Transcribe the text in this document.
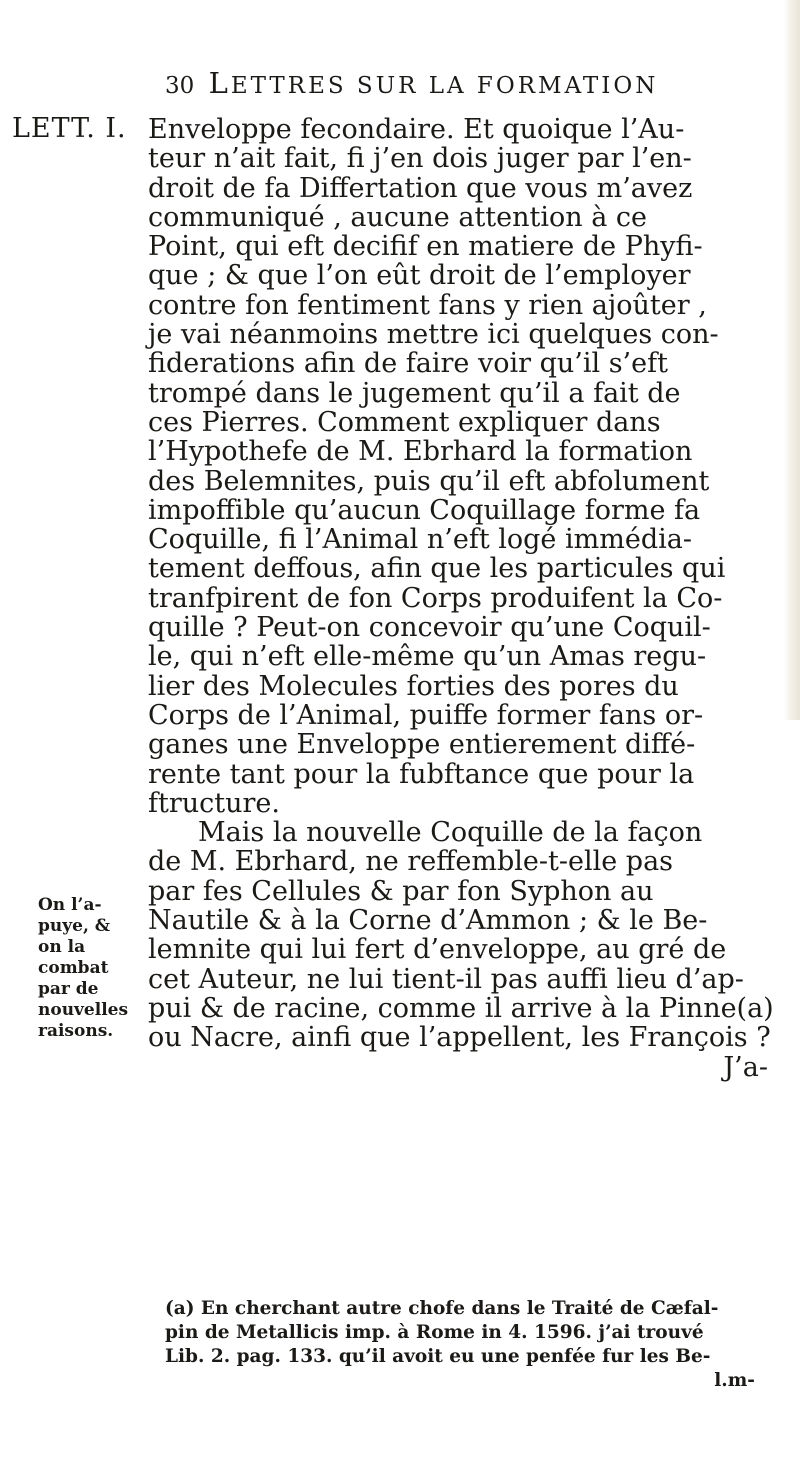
30 LETTRES SUR LA FORMATION
LETT. I.
On l’a-
puye, &
on la
combat
par de
nouvelles
raisons.
Enveloppe fecondaire. Et quoique l’Au-
teur n’ait fait, fi j’en dois juger par l’en-
droit de fa Differtation que vous m’avez
communiqué , aucune attention à ce
Point, qui eft decifif en matiere de Phyfi-
que ; & que l’on eût droit de l’employer
contre fon fentiment fans y rien ajoûter ,
je vai néanmoins mettre ici quelques con-
fiderations afin de faire voir qu’il s’eft
trompé dans le jugement qu’il a fait de
ces Pierres. Comment expliquer dans
l’Hypothefe de M. Ebrhard la formation
des Belemnites, puis qu’il eft abfolument
impoffible qu’aucun Coquillage forme fa
Coquille, fi l’Animal n’eft logé immédia-
tement deffous, afin que les particules qui
tranfpirent de fon Corps produifent la Co-
quille ? Peut-on concevoir qu’une Coquil-
le, qui n’eft elle-même qu’un Amas regu-
lier des Molecules forties des pores du
Corps de l’Animal, puiffe former fans or-
ganes une Enveloppe entierement diffé-
rente tant pour la fubftance que pour la
ftructure.
Mais la nouvelle Coquille de la façon
de M. Ebrhard, ne reffemble-t-elle pas
par fes Cellules & par fon Syphon au
Nautile & à la Corne d’Ammon ; & le Be-
lemnite qui lui fert d’enveloppe, au gré de
cet Auteur, ne lui tient-il pas auffi lieu d’ap-
pui & de racine, comme il arrive à la Pinne(a)
ou Nacre, ainfi que l’appellent, les François ?
J’a-
(a) En cherchant autre chofe dans le Traité de Cæfal-
pin de Metallicis imp. à Rome in 4. 1596. j’ai trouvé
Lib. 2. pag. 133. qu’il avoit eu une penfée fur les Be-
l.m-
